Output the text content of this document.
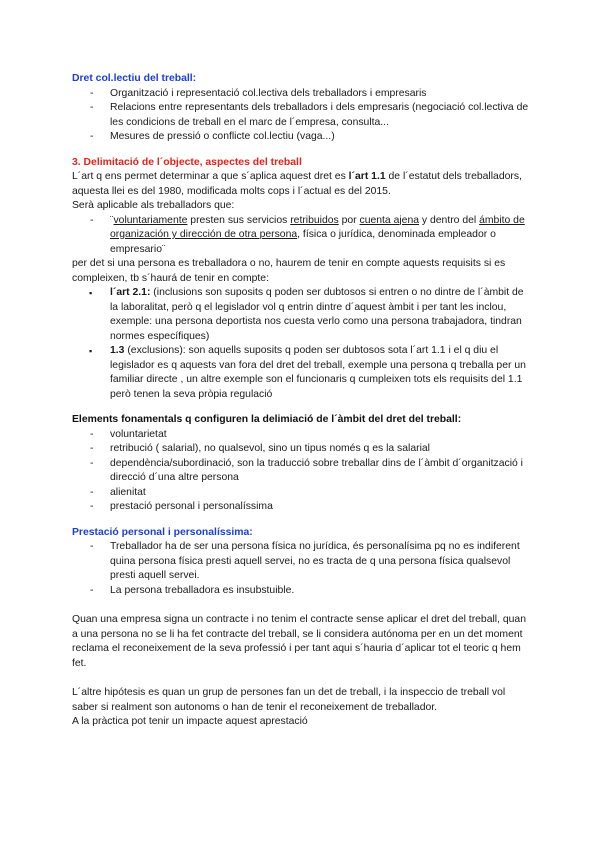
Dret col.lectiu del treball:
- Organització i representació col.lectiva dels treballadors i empresaris
- Relacions entre representants dels treballadors i dels empresaris (negociació col.lectiva de les condicions de treball en el marc de l´empresa, consulta...
- Mesures de pressió o conflicte col.lectiu (vaga...)
3. Delimitació de l´objecte, aspectes del treball
L´art q ens permet determinar a que s´aplica aquest dret es l´art 1.1 de l´estatut dels treballadors, aquesta llei es del 1980, modificada molts cops i l´actual es del 2015.
Serà aplicable als treballadors que:
- ¨voluntariamente presten sus servicios retribuidos por cuenta ajena y dentro del ámbito de organización y dirección de otra persona, física o jurídica, denominada empleador o empresario¨
per det si una persona es treballadora o no, haurem de tenir en compte aquests requisits si es compleixen, tb s´haurá de tenir en compte:
▪ l´art 2.1: (inclusions son suposits q poden ser dubtosos si entren o no dintre de l´àmbit de la laboralitat, però q el legislador vol q entrin dintre d´aquest àmbit i per tant les inclou, exemple: una persona deportista nos cuesta verlo como una persona trabajadora, tindran normes específiques)
▪ 1.3 (exclusions): son aquells suposits q poden ser dubtosos sota l´art 1.1 i el q diu el legislador es q aquests van fora del dret del treball, exemple una persona q treballa per un familiar directe , un altre exemple son el funcionaris q cumpleixen tots els requisits del 1.1 però tenen la seva pròpia regulació
Elements fonamentals q configuren la delimiació de l´àmbit del dret del treball:
- voluntarietat
- retribució ( salarial), no qualsevol, sino un tipus només q es la salarial
- dependència/subordinació, son la traducció sobre treballar dins de l´àmbit d´organització i direcció d´una altre persona
- alienitat
- prestació personal i personalíssima
Prestació personal i personalíssima:
- Treballador ha de ser una persona física no jurídica, és personalísima pq no es indiferent quina persona física presti aquell servei, no es tracta de q una persona física qualsevol presti aquell servei.
- La persona treballadora es insubstuible.
Quan una empresa signa un contracte i no tenim el contracte sense aplicar el dret del treball, quan a una persona no se li ha fet contracte del treball, se li considera autónoma per en un det moment reclama el reconeixement de la seva professió i per tant aqui s´hauria d´aplicar tot el teoric q hem fet.
L´altre hipótesis es quan un grup de persones fan un det de treball, i la inspeccio de treball vol saber si realment son autonoms o han de tenir el reconeixement de treballador.
A la pràctica pot tenir un impacte aquest aprestació
